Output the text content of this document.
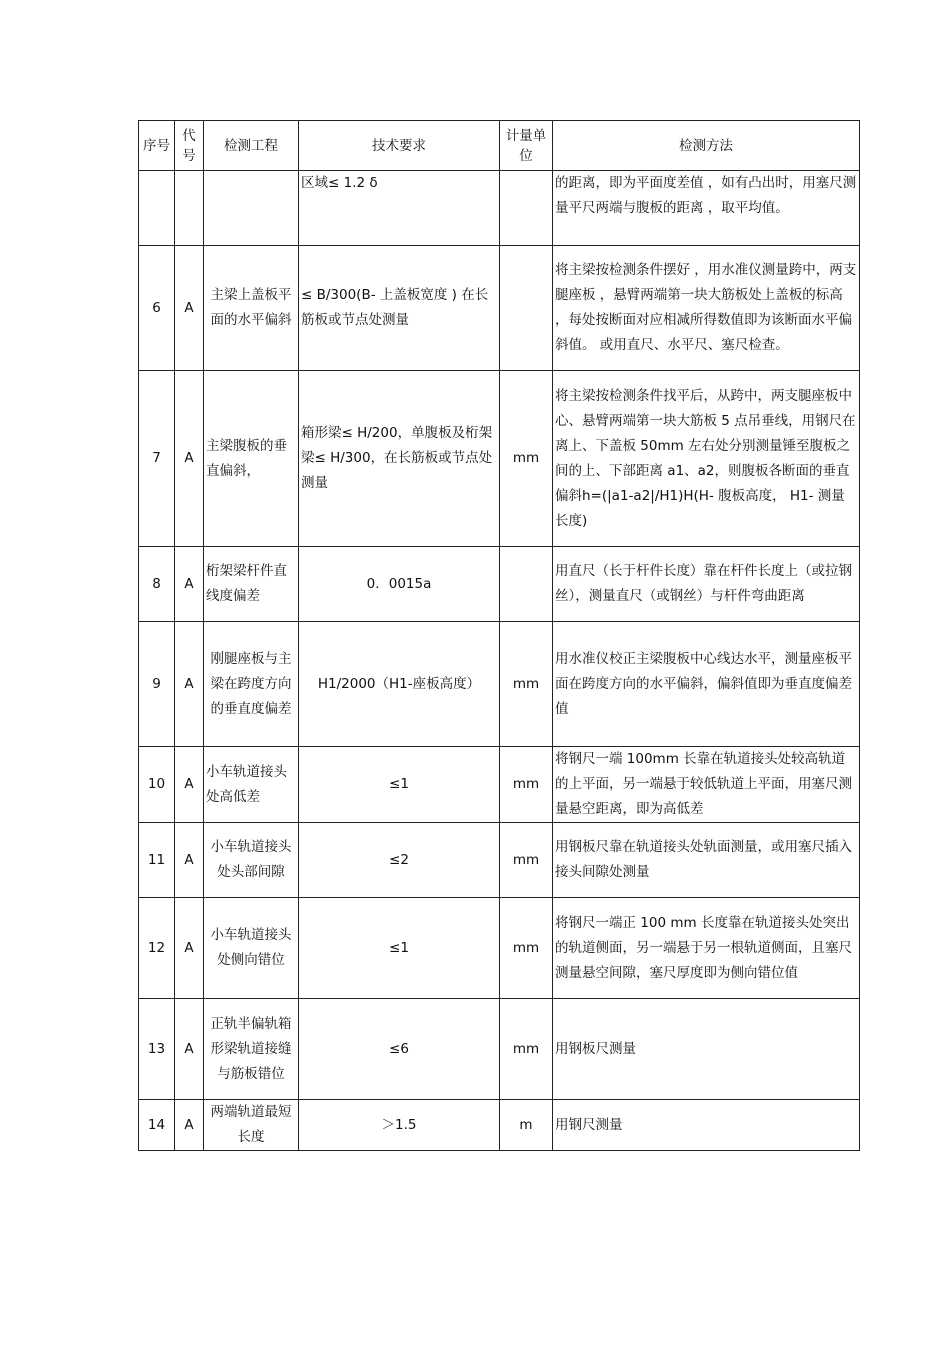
序号	代号	检测工程	技术要求	计量单位	检测方法
			区域≤ 1.2 δ		的距离，即为平面度差值 ，如有凸出时，用塞尺测量平尺两端与腹板的距离 ，取平均值。
6	A	主梁上盖板平面的水平偏斜	≤ B/300(B- 上盖板宽度 ) 在长筋板或节点处测量		将主梁按检测条件摆好 ，用水准仪测量跨中，两支腿座板 ，悬臂两端第一块大筋板处上盖板的标高 ，每处按断面对应相减所得数值即为该断面水平偏斜值。 或用直尺、水平尺、塞尺检查。
7	A	主梁腹板的垂直偏斜，	箱形梁≤ H/200，单腹板及桁架梁≤ H/300，在长筋板或节点处测量	mm	将主梁按检测条件找平后，从跨中，两支腿座板中心、悬臂两端第一块大筋板 5 点吊垂线，用钢尺在离上、下盖板 50mm 左右处分别测量锤至腹板之间的上、下部距离 a1、a2，则腹板各断面的垂直偏斜h=(|a1-a2|/H1)H(H- 腹板高度， H1- 测量长度)
8	A	桁架梁杆件直线度偏差	0．0015a		用直尺（长于杆件长度）靠在杆件长度上（或拉钢丝），测量直尺（或钢丝）与杆件弯曲距离
9	A	刚腿座板与主梁在跨度方向的垂直度偏差	H1/2000（H1-座板高度）	mm	用水准仪校正主梁腹板中心线达水平，测量座板平面在跨度方向的水平偏斜，偏斜值即为垂直度偏差值
10	A	小车轨道接头处高低差	≤1	mm	将钢尺一端 100mm 长靠在轨道接头处较高轨道的上平面，另一端悬于较低轨道上平面，用塞尺测量悬空距离，即为高低差
11	A	小车轨道接头处头部间隙	≤2	mm	用钢板尺靠在轨道接头处轨面测量，或用塞尺插入接头间隙处测量
12	A	小车轨道接头处侧向错位	≤1	mm	将钢尺一端正 100 mm 长度靠在轨道接头处突出的轨道侧面，另一端悬于另一根轨道侧面，且塞尺测量悬空间隙，塞尺厚度即为侧向错位值
13	A	正轨半偏轨箱形梁轨道接缝与筋板错位	≤6	mm	用钢板尺测量
14	A	两端轨道最短长度	＞1.5	m	用钢尺测量
